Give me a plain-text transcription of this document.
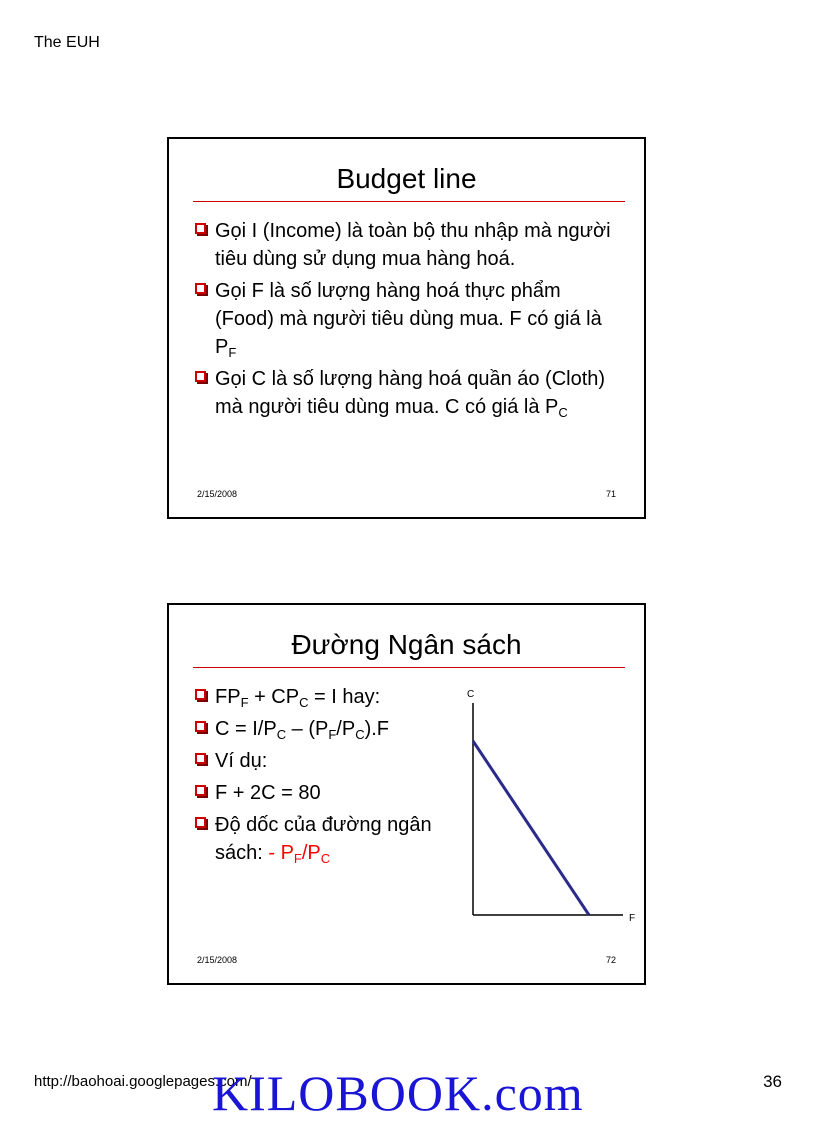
The EUH
Budget line
Gọi I (Income) là toàn bộ thu nhập mà người tiêu dùng sử dụng mua hàng hoá.
Gọi F là số lượng hàng hoá thực phẩm (Food) mà người tiêu dùng mua. F có giá là $P_F$
Gọi C là số lượng hàng hoá quần áo (Cloth) mà người tiêu dùng mua. C có giá là $P_C$
2/15/2008	71
Đường Ngân sách
$FP_F + CP_C = I$ hay:
$C = I/P_C - (P_F/P_C).F$
Ví dụ:
F + 2C = 80
Độ dốc của đường ngân sách: - $P_F/P_C$
C
F
2/15/2008	72
http://baohoai.googlepages.com/	36
KILOBOOK.com
